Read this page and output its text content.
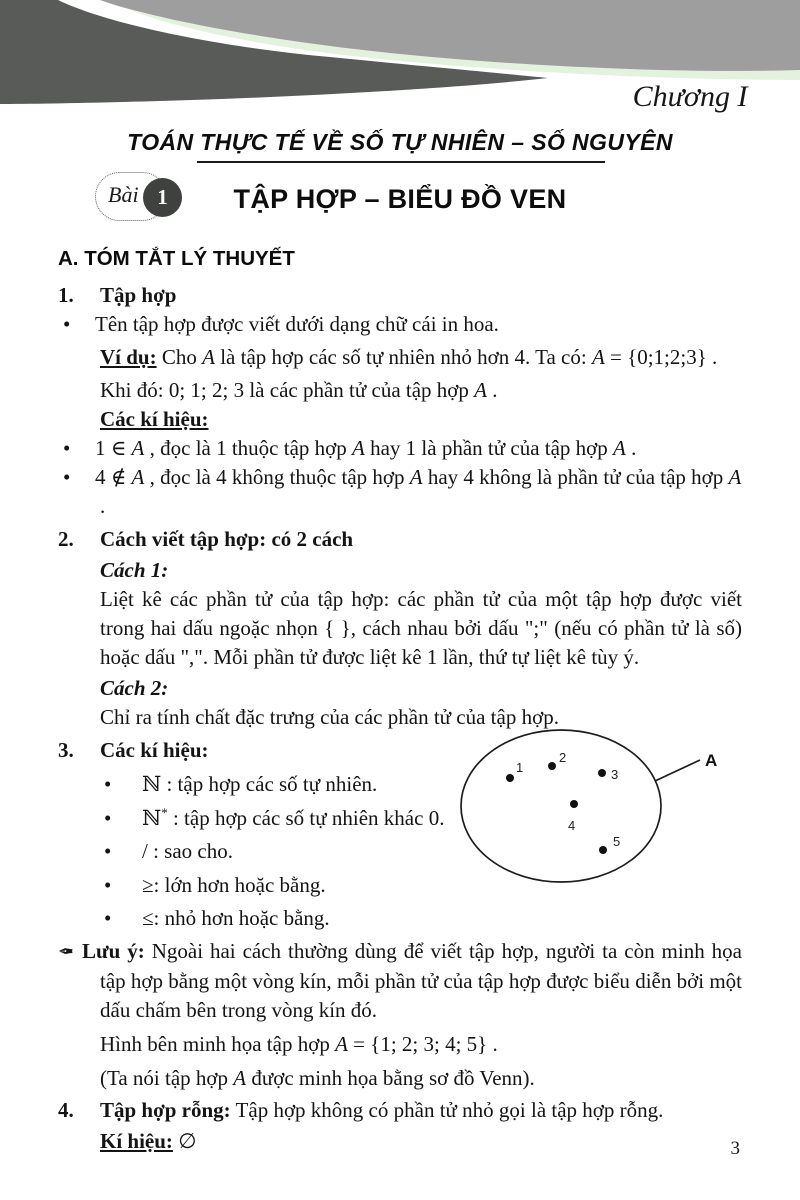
Chương I
TOÁN THỰC TẾ VỀ SỐ TỰ NHIÊN – SỐ NGUYÊN
Bài 1	TẬP HỢP – BIỂU ĐỒ VEN
A. TÓM TẮT LÝ THUYẾT
1. Tập hợp
• Tên tập hợp được viết dưới dạng chữ cái in hoa.
Ví dụ: Cho A là tập hợp các số tự nhiên nhỏ hơn 4. Ta có: A = {0;1;2;3} .
Khi đó: 0; 1; 2; 3 là các phần tử của tập hợp A .
Các kí hiệu:
• 1 ∈ A , đọc là 1 thuộc tập hợp A hay 1 là phần tử của tập hợp A .
• 4 ∉ A , đọc là 4 không thuộc tập hợp A hay 4 không là phần tử của tập hợp A .
2. Cách viết tập hợp: có 2 cách
Cách 1:
Liệt kê các phần tử của tập hợp: các phần tử của một tập hợp được viết trong hai dấu ngoặc nhọn { }, cách nhau bởi dấu ";" (nếu có phần tử là số) hoặc dấu ",". Mỗi phần tử được liệt kê 1 lần, thứ tự liệt kê tùy ý.
Cách 2:
Chỉ ra tính chất đặc trưng của các phần tử của tập hợp.
3. Các kí hiệu:
• ℕ : tập hợp các số tự nhiên.
• ℕ* : tập hợp các số tự nhiên khác 0.
• / : sao cho.
• ≥: lớn hơn hoặc bằng.
• ≤: nhỏ hơn hoặc bằng.
✒ Lưu ý: Ngoài hai cách thường dùng để viết tập hợp, người ta còn minh họa tập hợp bằng một vòng kín, mỗi phần tử của tập hợp được biểu diễn bởi một dấu chấm bên trong vòng kín đó.
Hình bên minh họa tập hợp A = {1; 2; 3; 4; 5} .
(Ta nói tập hợp A được minh họa bằng sơ đồ Venn).
4. Tập hợp rỗng: Tập hợp không có phần tử nhỏ gọi là tập hợp rỗng.
Kí hiệu: ∅
A
1
2
3
4
5
3
